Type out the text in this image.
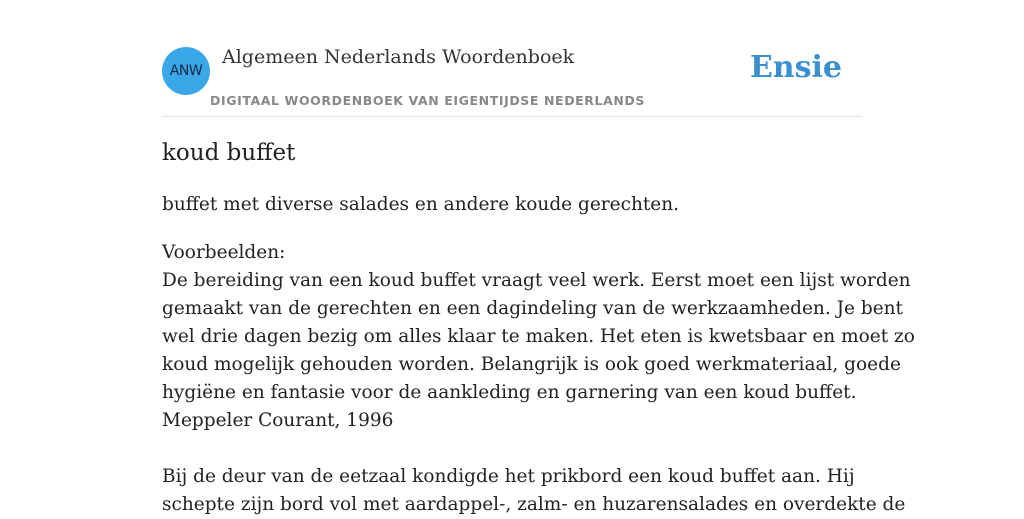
ANW
Algemeen Nederlands Woordenboek
DIGITAAL WOORDENBOEK VAN EIGENTIJDSE NEDERLANDS
Ensie
koud buffet
buffet met diverse salades en andere koude gerechten.
Voorbeelden:
De bereiding van een koud buffet vraagt veel werk. Eerst moet een lijst worden
gemaakt van de gerechten en een dagindeling van de werkzaamheden. Je bent
wel drie dagen bezig om alles klaar te maken. Het eten is kwetsbaar en moet zo
koud mogelijk gehouden worden. Belangrijk is ook goed werkmateriaal, goede
hygiëne en fantasie voor de aankleding en garnering van een koud buffet.
Meppeler Courant, 1996
Bij de deur van de eetzaal kondigde het prikbord een koud buffet aan. Hij
schepte zijn bord vol met aardappel-, zalm- en huzarensalades en overdekte de
